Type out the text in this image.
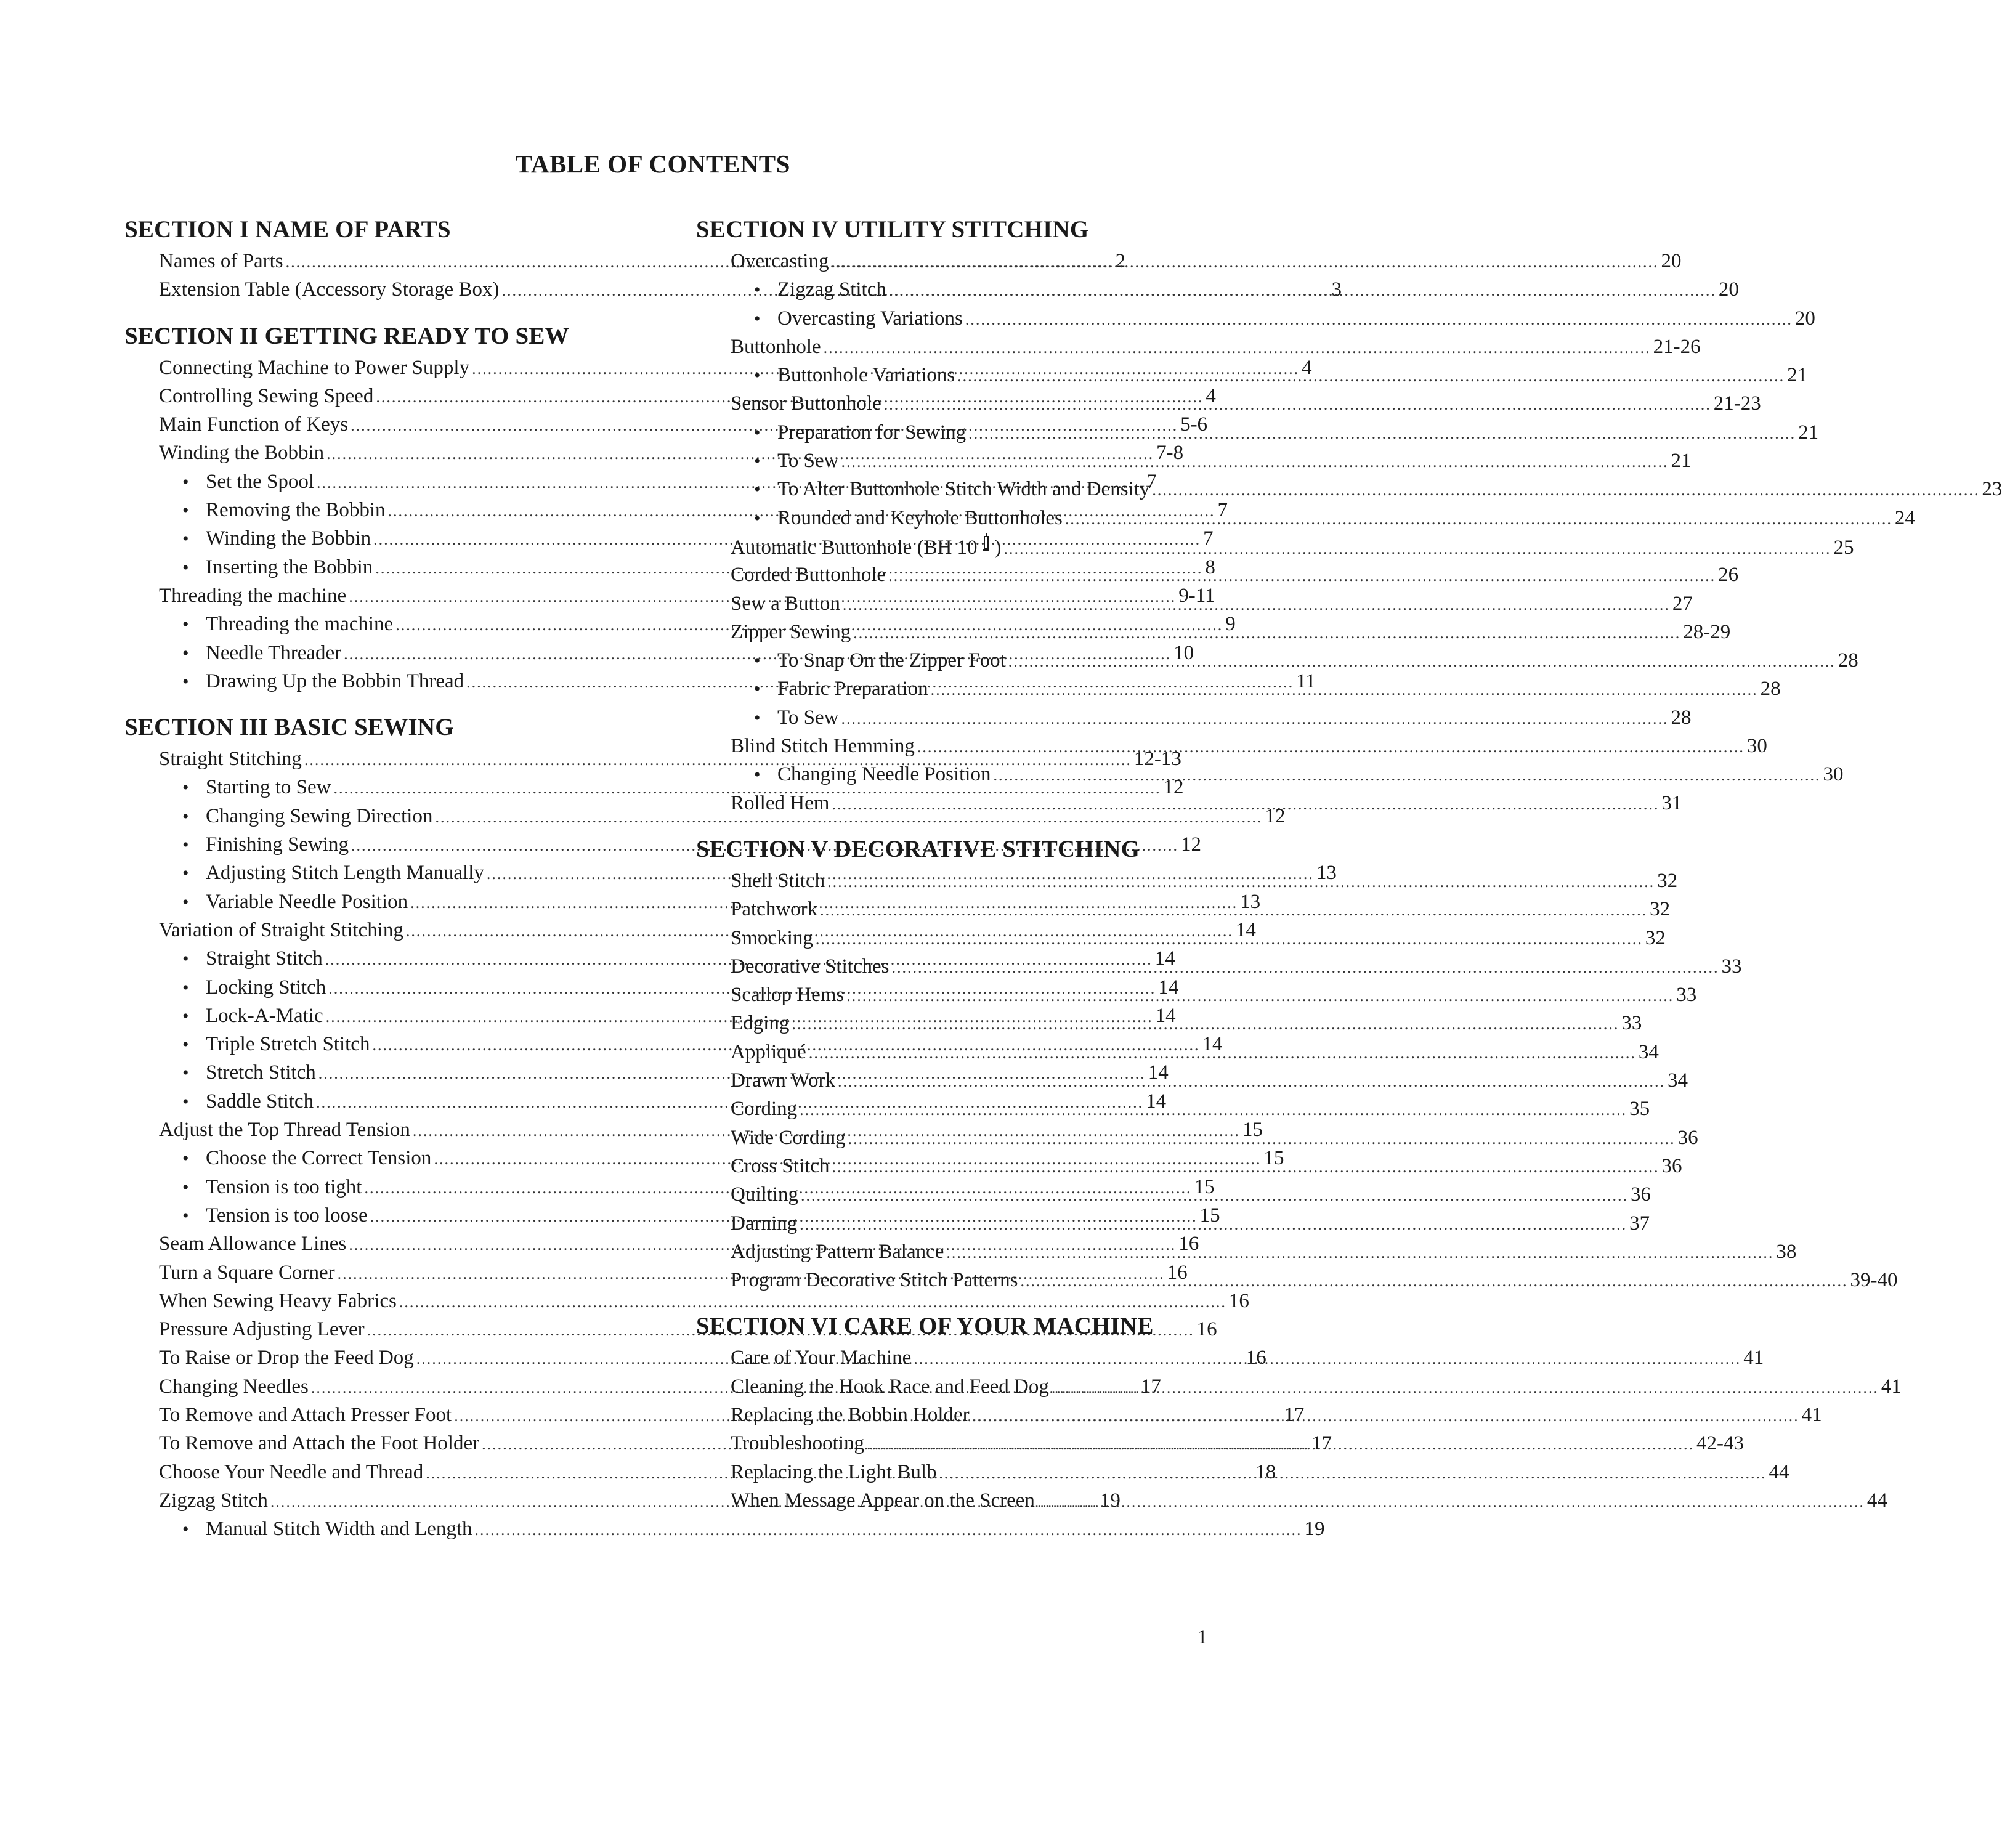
TABLE OF CONTENTS
SECTION I NAME OF PARTS
Names of Parts .....	2
Extension Table (Accessory Storage Box) .....	3
SECTION II GETTING READY TO SEW
Connecting Machine to Power Supply .....	4
Controlling Sewing Speed .....	4
Main Function of Keys .....	5-6
Winding the Bobbin .....	7-8
• Set the Spool .....	7
• Removing the Bobbin .....	7
• Winding the Bobbin .....	7
• Inserting the Bobbin .....	8
Threading the machine .....	9-11
• Threading the machine .....	9
• Needle Threader .....	10
• Drawing Up the Bobbin Thread .....	11
SECTION III BASIC SEWING
Straight Stitching .....	12-13
• Starting to Sew .....	12
• Changing Sewing Direction .....	12
• Finishing Sewing .....	12
• Adjusting Stitch Length Manually .....	13
• Variable Needle Position .....	13
Variation of Straight Stitching .....	14
• Straight Stitch .....	14
• Locking Stitch .....	14
• Lock-A-Matic .....	14
• Triple Stretch Stitch .....	14
• Stretch Stitch .....	14
• Saddle Stitch .....	14
Adjust the Top Thread Tension .....	15
• Choose the Correct Tension .....	15
• Tension is too tight .....	15
• Tension is too loose .....	15
Seam Allowance Lines .....	16
Turn a Square Corner .....	16
When Sewing Heavy Fabrics .....	16
Pressure Adjusting Lever .....	16
To Raise or Drop the Feed Dog .....	16
Changing Needles .....	17
To Remove and Attach Presser Foot .....	17
To Remove and Attach the Foot Holder .....	17
Choose Your Needle and Thread .....	18
Zigzag Stitch .....	19
• Manual Stitch Width and Length .....	19
SECTION IV UTILITY STITCHING
Overcasting .....	20
• Zigzag Stitch .....	20
• Overcasting Variations .....	20
Buttonhole .....	21-26
• Buttonhole Variations .....	21
Sensor Buttonhole .....	21-23
• Preparation for Sewing .....	21
• To Sew .....	21
• To Alter Buttonhole Stitch Width and Density .....	23
• Rounded and Keyhole Buttonholes .....	24
Automatic Buttonhole (BH 10 ) .....	25
Corded Buttonhole .....	26
Sew a Button .....	27
Zipper Sewing .....	28-29
• To Snap On the Zipper Foot .....	28
• Fabric Preparation .....	28
• To Sew .....	28
Blind Stitch Hemming .....	30
• Changing Needle Position .....	30
Rolled Hem .....	31
SECTION V DECORATIVE STITCHING
Shell Stitch .....	32
Patchwork .....	32
Smocking .....	32
Decorative Stitches .....	33
Scallop Hems .....	33
Edging .....	33
Appliqué .....	34
Drawn Work .....	34
Cording .....	35
Wide Cording .....	36
Cross Stitch .....	36
Quilting .....	36
Darning .....	37
Adjusting Pattern Balance .....	38
Program Decorative Stitch Patterns .....	39-40
SECTION VI CARE OF YOUR MACHINE
Care of Your Machine .....	41
Cleaning the Hook Race and Feed Dog .....	41
Replacing the Bobbin Holder .....	41
Troubleshooting .....	42-43
Replacing the Light Bulb .....	44
When Message Appear on the Screen .....	44
1
